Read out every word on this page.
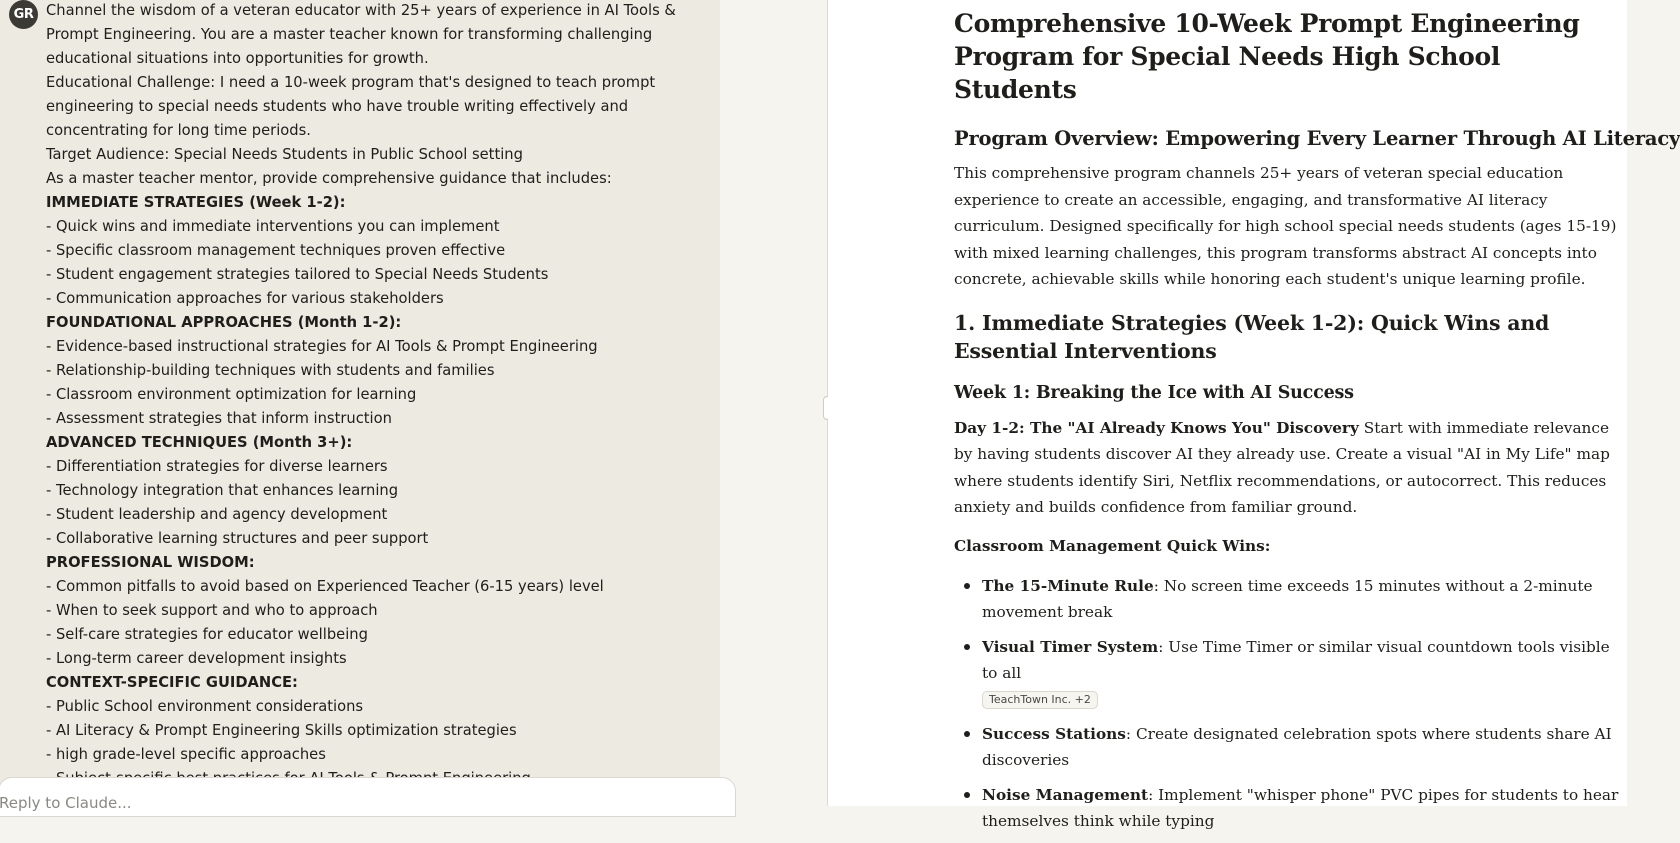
GR Channel the wisdom of a veteran educator with 25+ years of experience in AI Tools &
Prompt Engineering. You are a master teacher known for transforming challenging
educational situations into opportunities for growth.
Educational Challenge: I need a 10-week program that's designed to teach prompt
engineering to special needs students who have trouble writing effectively and
concentrating for long time periods.
Target Audience: Special Needs Students in Public School setting
As a master teacher mentor, provide comprehensive guidance that includes:
IMMEDIATE STRATEGIES (Week 1-2):
- Quick wins and immediate interventions you can implement
- Specific classroom management techniques proven effective
- Student engagement strategies tailored to Special Needs Students
- Communication approaches for various stakeholders
FOUNDATIONAL APPROACHES (Month 1-2):
- Evidence-based instructional strategies for AI Tools & Prompt Engineering
- Relationship-building techniques with students and families
- Classroom environment optimization for learning
- Assessment strategies that inform instruction
ADVANCED TECHNIQUES (Month 3+):
- Differentiation strategies for diverse learners
- Technology integration that enhances learning
- Student leadership and agency development
- Collaborative learning structures and peer support
PROFESSIONAL WISDOM:
- Common pitfalls to avoid based on Experienced Teacher (6-15 years) level
- When to seek support and who to approach
- Self-care strategies for educator wellbeing
- Long-term career development insights
CONTEXT-SPECIFIC GUIDANCE:
- Public School environment considerations
- AI Literacy & Prompt Engineering Skills optimization strategies
- high grade-level specific approaches
Reply to Claude...
Comprehensive 10-Week Prompt Engineering Program for Special Needs High School Students
Program Overview: Empowering Every Learner Through AI Literacy

This comprehensive program channels 25+ years of veteran special education experience to create an accessible, engaging, and transformative AI literacy curriculum. Designed specifically for high school special needs students (ages 15-19) with mixed learning challenges, this program transforms abstract AI concepts into concrete, achievable skills while honoring each student's unique learning profile.

1. Immediate Strategies (Week 1-2): Quick Wins and Essential Interventions
Week 1: Breaking the Ice with AI Success

Day 1-2: The "AI Already Knows You" Discovery Start with immediate relevance by having students discover AI they already use. Create a visual "AI in My Life" map where students identify Siri, Netflix recommendations, or autocorrect. This reduces anxiety and builds confidence from familiar ground.

Classroom Management Quick Wins:

The 15-Minute Rule: No screen time exceeds 15 minutes without a 2-minute movement break
Visual Timer System: Use Time Timer or similar visual countdown tools visible to all
TeachTown Inc. +2
Success Stations: Create designated celebration spots where students share AI discoveries
Noise Management: Implement "whisper phone" PVC pipes for students to hear themselves think while typing
